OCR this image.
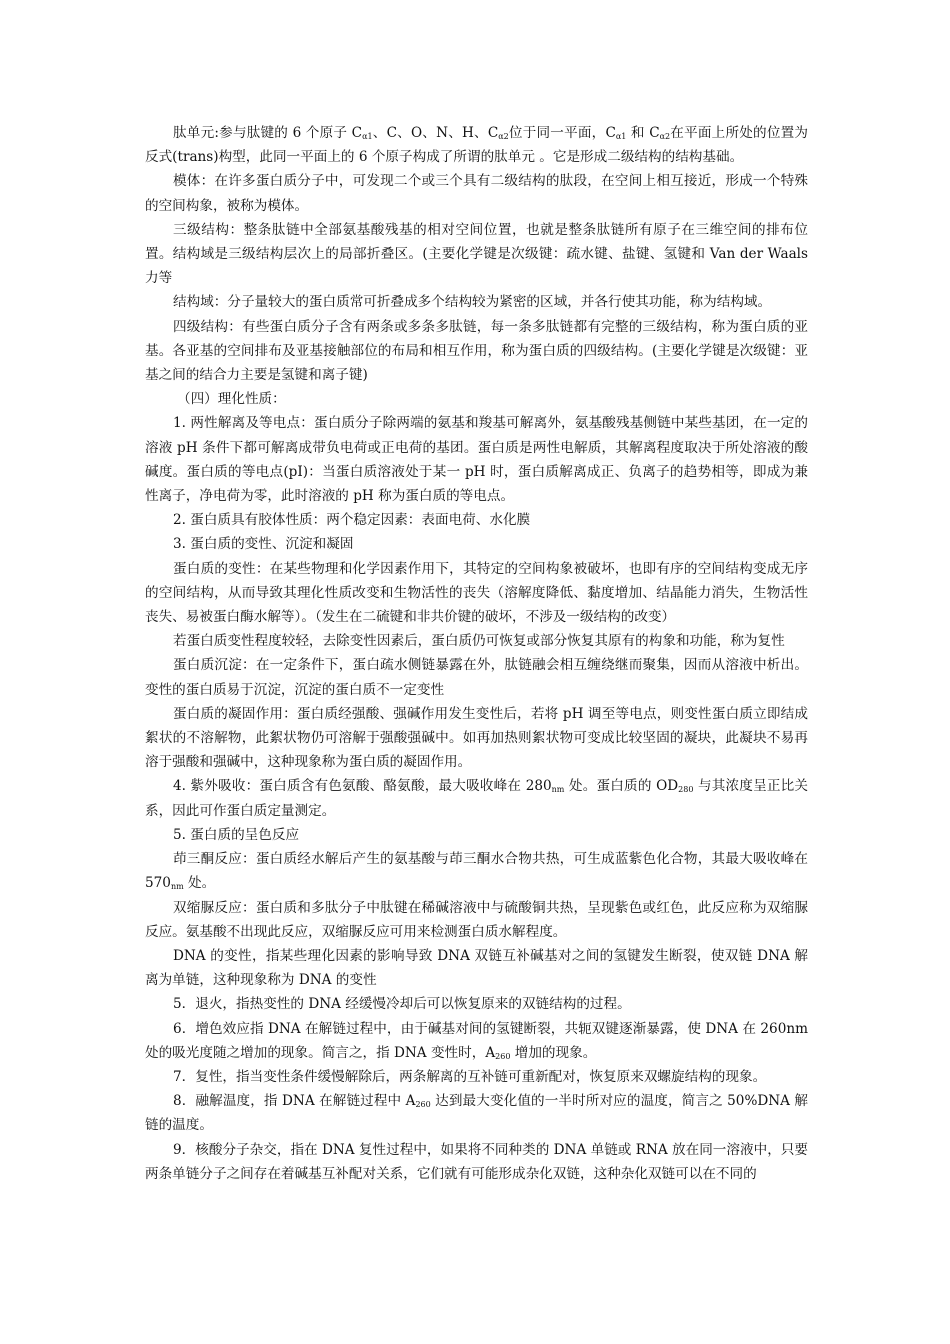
肽单元:参与肽键的 6 个原子 $C_{\alpha 1}$、C、O、N、H、$C_{\alpha 2}$位于同一平面，$C_{\alpha 1}$ 和 $C_{\alpha 2}$在平面上所处的位置为反式(trans)构型，此同一平面上的 6 个原子构成了所谓的肽单元 。它是形成二级结构的结构基础。

模体：在许多蛋白质分子中，可发现二个或三个具有二级结构的肽段，在空间上相互接近，形成一个特殊的空间构象，被称为模体。

三级结构：整条肽链中全部氨基酸残基的相对空间位置，也就是整条肽链所有原子在三维空间的排布位置。结构域是三级结构层次上的局部折叠区。(主要化学键是次级键：疏水键、盐键、氢键和 Van der Waals 力等

结构域：分子量较大的蛋白质常可折叠成多个结构较为紧密的区域，并各行使其功能，称为结构域。

四级结构：有些蛋白质分子含有两条或多条多肽链，每一条多肽链都有完整的三级结构，称为蛋白质的亚基。各亚基的空间排布及亚基接触部位的布局和相互作用，称为蛋白质的四级结构。(主要化学键是次级键：亚基之间的结合力主要是氢键和离子键)

（四）理化性质：

1. 两性解离及等电点：蛋白质分子除两端的氨基和羧基可解离外，氨基酸残基侧链中某些基团，在一定的溶液 pH 条件下都可解离成带负电荷或正电荷的基团。蛋白质是两性电解质，其解离程度取决于所处溶液的酸碱度。蛋白质的等电点(pI)：当蛋白质溶液处于某一 pH 时，蛋白质解离成正、负离子的趋势相等，即成为兼性离子，净电荷为零，此时溶液的 pH 称为蛋白质的等电点。

2. 蛋白质具有胶体性质：两个稳定因素：表面电荷、水化膜

3. 蛋白质的变性、沉淀和凝固

蛋白质的变性：在某些物理和化学因素作用下，其特定的空间构象被破坏，也即有序的空间结构变成无序的空间结构，从而导致其理化性质改变和生物活性的丧失（溶解度降低、黏度增加、结晶能力消失，生物活性丧失、易被蛋白酶水解等）。（发生在二硫键和非共价键的破坏，不涉及一级结构的改变）

若蛋白质变性程度较轻，去除变性因素后，蛋白质仍可恢复或部分恢复其原有的构象和功能，称为复性

蛋白质沉淀：在一定条件下，蛋白疏水侧链暴露在外，肽链融会相互缠绕继而聚集，因而从溶液中析出。变性的蛋白质易于沉淀，沉淀的蛋白质不一定变性

蛋白质的凝固作用：蛋白质经强酸、强碱作用发生变性后，若将 pH 调至等电点，则变性蛋白质立即结成絮状的不溶解物，此絮状物仍可溶解于强酸强碱中。如再加热则絮状物可变成比较坚固的凝块，此凝块不易再溶于强酸和强碱中，这种现象称为蛋白质的凝固作用。

4. 紫外吸收：蛋白质含有色氨酸、酪氨酸，最大吸收峰在 $280_{nm}$ 处。蛋白质的 $OD_{280}$ 与其浓度呈正比关系，因此可作蛋白质定量测定。

5. 蛋白质的呈色反应

茚三酮反应：蛋白质经水解后产生的氨基酸与茚三酮水合物共热，可生成蓝紫色化合物，其最大吸收峰在 $570_{nm}$ 处。

双缩脲反应：蛋白质和多肽分子中肽键在稀碱溶液中与硫酸铜共热，呈现紫色或红色，此反应称为双缩脲反应。氨基酸不出现此反应，双缩脲反应可用来检测蛋白质水解程度。

DNA 的变性，指某些理化因素的影响导致 DNA 双链互补碱基对之间的氢键发生断裂，使双链 DNA 解离为单链，这种现象称为 DNA 的变性

5．退火，指热变性的 DNA 经缓慢冷却后可以恢复原来的双链结构的过程。

6．增色效应指 DNA 在解链过程中，由于碱基对间的氢键断裂，共轭双键逐渐暴露，使 DNA 在 260nm 处的吸光度随之增加的现象。简言之，指 DNA 变性时，$A_{260}$ 增加的现象。

7．复性，指当变性条件缓慢解除后，两条解离的互补链可重新配对，恢复原来双螺旋结构的现象。

8．融解温度，指 DNA 在解链过程中 $A_{260}$ 达到最大变化值的一半时所对应的温度，简言之 50%DNA 解链的温度。

9．核酸分子杂交，指在 DNA 复性过程中，如果将不同种类的 DNA 单链或 RNA 放在同一溶液中，只要两条单链分子之间存在着碱基互补配对关系，它们就有可能形成杂化双链，这种杂化双链可以在不同的
